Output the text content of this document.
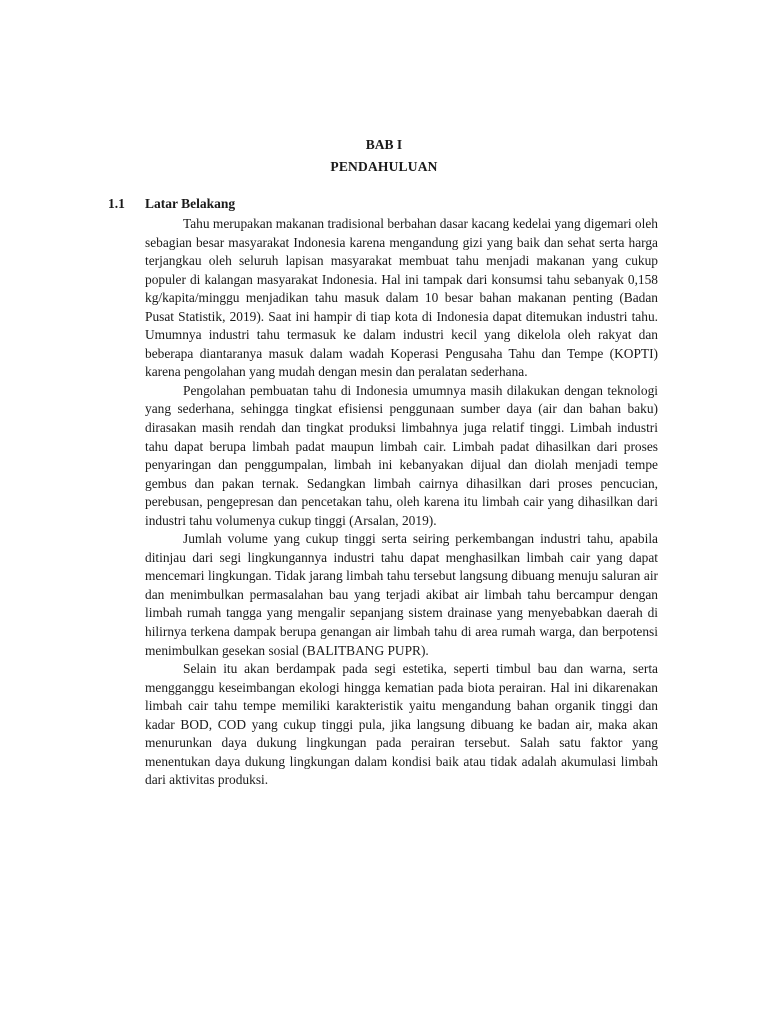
BAB I
PENDAHULUAN
1.1	Latar Belakang

Tahu merupakan makanan tradisional berbahan dasar kacang kedelai yang digemari oleh sebagian besar masyarakat Indonesia karena mengandung gizi yang baik dan sehat serta harga terjangkau oleh seluruh lapisan masyarakat membuat tahu menjadi makanan yang cukup populer di kalangan masyarakat Indonesia. Hal ini tampak dari konsumsi tahu sebanyak 0,158 kg/kapita/minggu menjadikan tahu masuk dalam 10 besar bahan makanan penting (Badan Pusat Statistik, 2019). Saat ini hampir di tiap kota di Indonesia dapat ditemukan industri tahu. Umumnya industri tahu termasuk ke dalam industri kecil yang dikelola oleh rakyat dan beberapa diantaranya masuk dalam wadah Koperasi Pengusaha Tahu dan Tempe (KOPTI) karena pengolahan yang mudah dengan mesin dan peralatan sederhana.

Pengolahan pembuatan tahu di Indonesia umumnya masih dilakukan dengan teknologi yang sederhana, sehingga tingkat efisiensi penggunaan sumber daya (air dan bahan baku) dirasakan masih rendah dan tingkat produksi limbahnya juga relatif tinggi. Limbah industri tahu dapat berupa limbah padat maupun limbah cair. Limbah padat dihasilkan dari proses penyaringan dan penggumpalan, limbah ini kebanyakan dijual dan diolah menjadi tempe gembus dan pakan ternak. Sedangkan limbah cairnya dihasilkan dari proses pencucian, perebusan, pengepresan dan pencetakan tahu, oleh karena itu limbah cair yang dihasilkan dari industri tahu volumenya cukup tinggi (Arsalan, 2019).

Jumlah volume yang cukup tinggi serta seiring perkembangan industri tahu, apabila ditinjau dari segi lingkungannya industri tahu dapat menghasilkan limbah cair yang dapat mencemari lingkungan. Tidak jarang limbah tahu tersebut langsung dibuang menuju saluran air dan menimbulkan permasalahan bau yang terjadi akibat air limbah tahu bercampur dengan limbah rumah tangga yang mengalir sepanjang sistem drainase yang menyebabkan daerah di hilirnya terkena dampak berupa genangan air limbah tahu di area rumah warga, dan berpotensi menimbulkan gesekan sosial (BALITBANG PUPR).

Selain itu akan berdampak pada segi estetika, seperti timbul bau dan warna, serta mengganggu keseimbangan ekologi hingga kematian pada biota perairan. Hal ini dikarenakan limbah cair tahu tempe memiliki karakteristik yaitu mengandung bahan organik tinggi dan kadar BOD, COD yang cukup tinggi pula, jika langsung dibuang ke badan air, maka akan menurunkan daya dukung lingkungan pada perairan tersebut. Salah satu faktor yang menentukan daya dukung lingkungan dalam kondisi baik atau tidak adalah akumulasi limbah dari aktivitas produksi.
